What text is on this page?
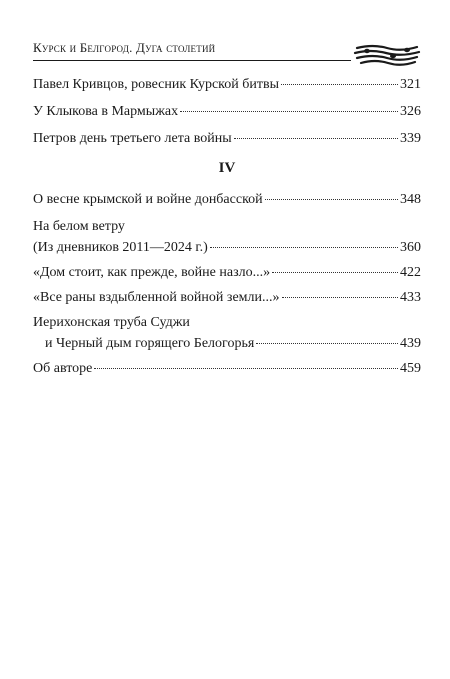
Курск и Белгород. Дуга столетий
Павел Кривцов, ровесник Курской битвы	321
У Клыкова в Мармыжах	326
Петров день третьего лета войны	339
IV
О весне крымской и войне донбасской	348
На белом ветру
(Из дневников 2011—2024 г.)	360
«Дом стоит, как прежде, войне назло...»	422
«Все раны вздыбленной войной земли...»	433
Иерихонская труба Суджи
и Черный дым горящего Белогорья	439
Об авторе	459
